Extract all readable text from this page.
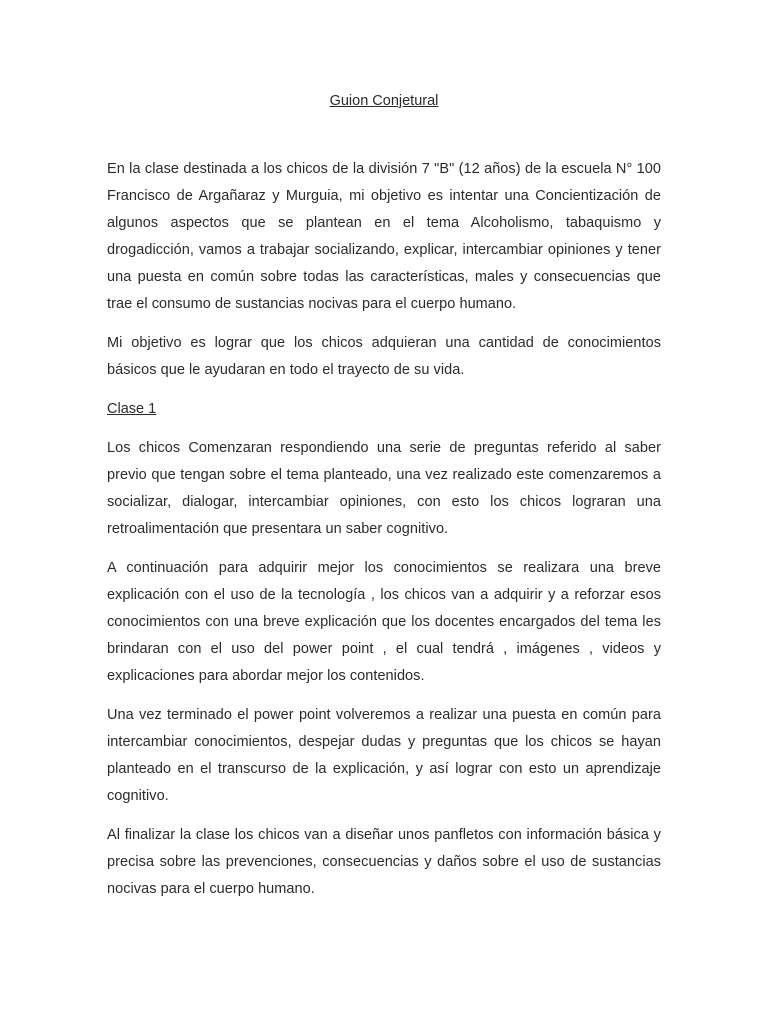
Guion Conjetural

En la clase destinada a los chicos de la división 7 "B" (12 años) de la escuela N° 100 Francisco de Argañaraz y Murguia, mi objetivo es intentar una Concientización de algunos aspectos que se plantean en el tema Alcoholismo, tabaquismo y drogadicción, vamos a trabajar socializando, explicar, intercambiar opiniones y tener una puesta en común sobre todas las características, males y consecuencias que trae el consumo de sustancias nocivas para el cuerpo humano.

Mi objetivo es lograr que los chicos adquieran una cantidad de conocimientos básicos que le ayudaran en todo el trayecto de su vida.

Clase 1

Los chicos Comenzaran respondiendo una serie de preguntas referido al saber previo que tengan sobre el tema planteado, una vez realizado este comenzaremos a socializar, dialogar, intercambiar opiniones, con esto los chicos lograran una retroalimentación que presentara un saber cognitivo.

A continuación para adquirir mejor los conocimientos se realizara una breve explicación con el uso de la tecnología , los chicos van a adquirir y a reforzar esos conocimientos con una breve explicación que los docentes encargados del tema les brindaran con el uso del power point , el cual tendrá , imágenes , videos y explicaciones para abordar mejor los contenidos.

Una vez terminado el power point volveremos a realizar una puesta en común para intercambiar conocimientos, despejar dudas y preguntas que los chicos se hayan planteado en el transcurso de la explicación, y así lograr con esto un aprendizaje cognitivo.

Al finalizar la clase los chicos van a diseñar unos panfletos con información básica y precisa sobre las prevenciones, consecuencias y daños sobre el uso de sustancias nocivas para el cuerpo humano.
